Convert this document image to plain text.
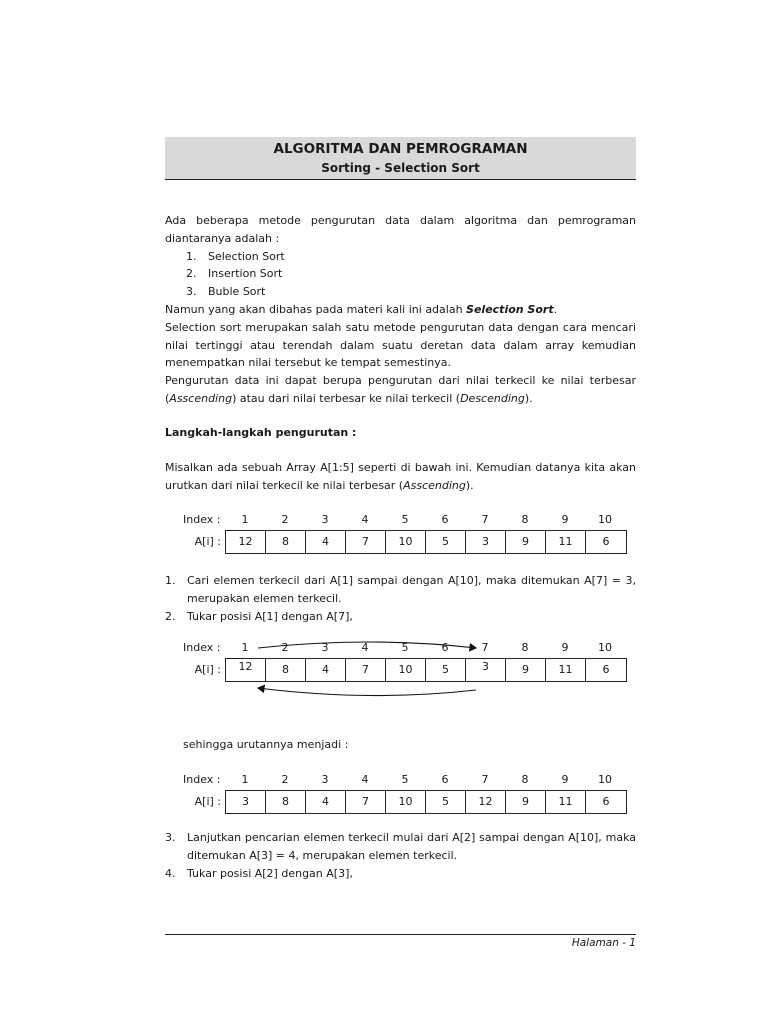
ALGORITMA DAN PEMROGRAMAN
Sorting - Selection Sort
Ada beberapa metode pengurutan data dalam algoritma dan pemrograman diantaranya adalah :
1.	Selection Sort
2.	Insertion Sort
3.	Buble Sort
Namun yang akan dibahas pada materi kali ini adalah Selection Sort.
Selection sort merupakan salah satu metode pengurutan data dengan cara mencari nilai tertinggi atau terendah dalam suatu deretan data dalam array kemudian menempatkan nilai tersebut ke tempat semestinya.
Pengurutan data ini dapat berupa pengurutan dari nilai terkecil ke nilai terbesar
(Asscending) atau dari nilai terbesar ke nilai terkecil (Descending).
Langkah-langkah pengurutan :
Misalkan ada sebuah Array A[1:5] seperti di bawah ini. Kemudian datanya kita akan urutkan dari nilai terkecil ke nilai terbesar (Asscending).
Index :	1	2	3	4	5	6	7	8	9	10
A[i] :	12	8	4	7	10	5	3	9	11	6
1.	Cari elemen terkecil dari A[1] sampai dengan A[10], maka ditemukan A[7] = 3, merupakan elemen terkecil.
2.	Tukar posisi A[1] dengan A[7],
Index :	1	2	3	4	5	6	7	8	9	10
A[i] :	12	8	4	7	10	5	3	9	11	6
sehingga urutannya menjadi :
Index :	1	2	3	4	5	6	7	8	9	10
A[i] :	3	8	4	7	10	5	12	9	11	6
3.	Lanjutkan pencarian elemen terkecil mulai dari A[2] sampai dengan A[10], maka ditemukan A[3] = 4, merupakan elemen terkecil.
4.	Tukar posisi A[2] dengan A[3],
Halaman - 1
